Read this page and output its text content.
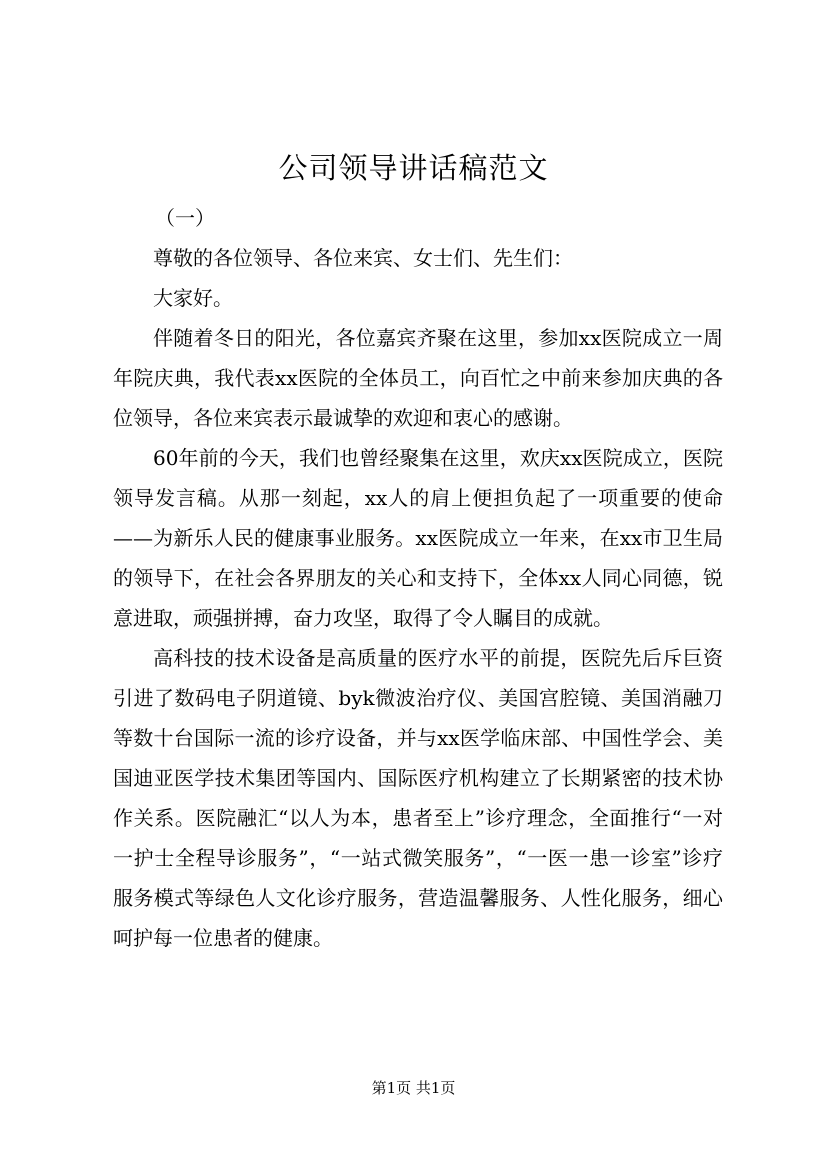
公司领导讲话稿范文

（一）

尊敬的各位领导、各位来宾、女士们、先生们：

大家好。

伴随着冬日的阳光，各位嘉宾齐聚在这里，参加xx医院成立一周年院庆典，我代表xx医院的全体员工，向百忙之中前来参加庆典的各位领导，各位来宾表示最诚挚的欢迎和衷心的感谢。

60年前的今天，我们也曾经聚集在这里，欢庆xx医院成立，医院领导发言稿。从那一刻起，xx人的肩上便担负起了一项重要的使命——为新乐人民的健康事业服务。xx医院成立一年来，在xx市卫生局的领导下，在社会各界朋友的关心和支持下，全体xx人同心同德，锐意进取，顽强拼搏，奋力攻坚，取得了令人瞩目的成就。

高科技的技术设备是高质量的医疗水平的前提，医院先后斥巨资引进了数码电子阴道镜、byk微波治疗仪、美国宫腔镜、美国消融刀等数十台国际一流的诊疗设备，并与xx医学临床部、中国性学会、美国迪亚医学技术集团等国内、国际医疗机构建立了长期紧密的技术协作关系。医院融汇“以人为本，患者至上”诊疗理念，全面推行“一对一护士全程导诊服务”，“一站式微笑服务”，“一医一患一诊室”诊疗服务模式等绿色人文化诊疗服务，营造温馨服务、人性化服务，细心呵护每一位患者的健康。

第1页 共1页
